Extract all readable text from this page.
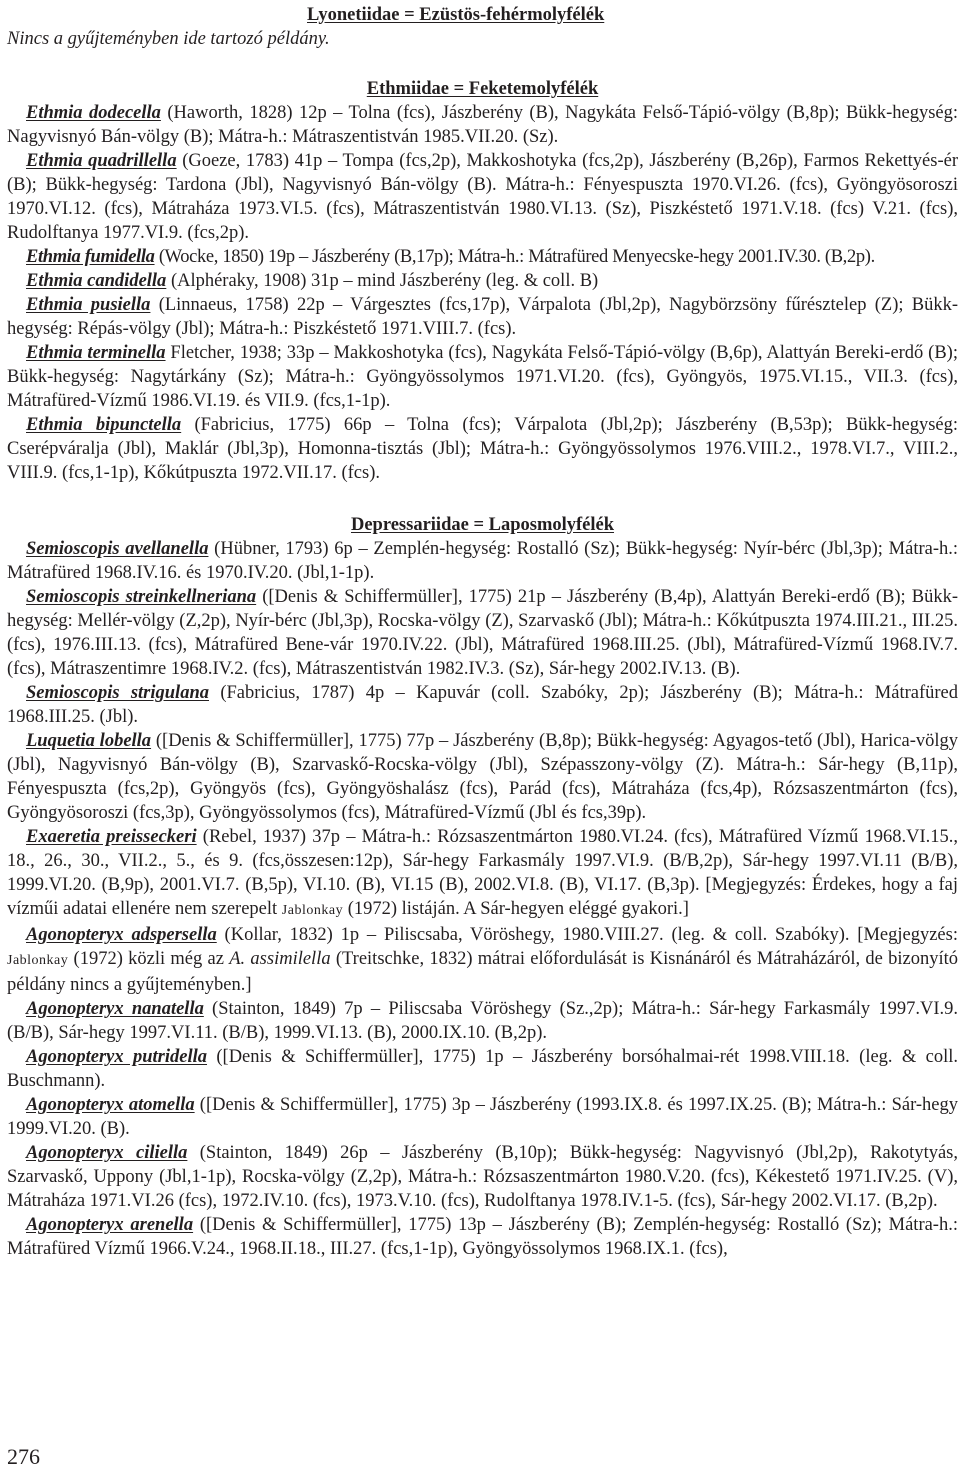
Lyonetiidae = Ezüstös-fehérmolyfélék
Nincs a gyűjteményben ide tartozó példány.
Ethmiidae = Feketemolyfélék

Ethmia dodecella (Haworth, 1828) 12p – Tolna (fcs), Jászberény (B), Nagykáta Felső-Tápió-völgy (B,8p); Bükk-hegység: Nagyvisnyó Bán-völgy (B); Mátra-h.: Mátraszentistván 1985.VII.20. (Sz).

Ethmia quadrillella (Goeze, 1783) 41p – Tompa (fcs,2p), Makkoshotyka (fcs,2p), Jászberény (B,26p), Farmos Rekettyés-ér (B); Bükk-hegység: Tardona (Jbl), Nagyvisnyó Bán-völgy (B). Mátra-h.: Fényespuszta 1970.VI.26. (fcs), Gyöngyösoroszi 1970.VI.12. (fcs), Mátraháza 1973.VI.5. (fcs), Mátraszentistván 1980.VI.13. (Sz), Piszkéstető 1971.V.18. (fcs) V.21. (fcs), Rudolftanya 1977.VI.9. (fcs,2p).

Ethmia fumidella (Wocke, 1850) 19p – Jászberény (B,17p); Mátra-h.: Mátrafüred Menyecske-hegy 2001.IV.30. (B,2p).

Ethmia candidella (Alphéraky, 1908) 31p – mind Jászberény (leg. & coll. B)

Ethmia pusiella (Linnaeus, 1758) 22p – Várgesztes (fcs,17p), Várpalota (Jbl,2p), Nagybörzsöny fűrésztelep (Z); Bükk-hegység: Répás-völgy (Jbl); Mátra-h.: Piszkéstető 1971.VIII.7. (fcs).

Ethmia terminella Fletcher, 1938; 33p – Makkoshotyka (fcs), Nagykáta Felső-Tápió-völgy (B,6p), Alattyán Bereki-erdő (B); Bükk-hegység: Nagytárkány (Sz); Mátra-h.: Gyöngyössolymos 1971.VI.20. (fcs), Gyöngyös, 1975.VI.15., VII.3. (fcs), Mátrafüred-Vízmű 1986.VI.19. és VII.9. (fcs,1-1p).

Ethmia bipunctella (Fabricius, 1775) 66p – Tolna (fcs); Várpalota (Jbl,2p); Jászberény (B,53p); Bükk-hegység: Cserépváralja (Jbl), Maklár (Jbl,3p), Homonna-tisztás (Jbl); Mátra-h.: Gyöngyössolymos 1976.VIII.2., 1978.VI.7., VIII.2., VIII.9. (fcs,1-1p), Kőkútpuszta 1972.VII.17. (fcs).

Depressariidae = Laposmolyfélék

Semioscopis avellanella (Hübner, 1793) 6p – Zemplén-hegység: Rostalló (Sz); Bükk-hegység: Nyír-bérc (Jbl,3p); Mátra-h.: Mátrafüred 1968.IV.16. és 1970.IV.20. (Jbl,1-1p).

Semioscopis streinkellneriana ([Denis & Schiffermüller], 1775) 21p – Jászberény (B,4p), Alattyán Bereki-erdő (B); Bükk-hegység: Mellér-völgy (Z,2p), Nyír-bérc (Jbl,3p), Rocska-völgy (Z), Szarvaskő (Jbl); Mátra-h.: Kőkútpuszta 1974.III.21., III.25. (fcs), 1976.III.13. (fcs), Mátrafüred Bene-vár 1970.IV.22. (Jbl), Mátrafüred 1968.III.25. (Jbl), Mátrafüred-Vízmű 1968.IV.7. (fcs), Mátraszentimre 1968.IV.2. (fcs), Mátraszentistván 1982.IV.3. (Sz), Sár-hegy 2002.IV.13. (B).

Semioscopis strigulana (Fabricius, 1787) 4p – Kapuvár (coll. Szabóky, 2p); Jászberény (B); Mátra-h.: Mátrafüred 1968.III.25. (Jbl).

Luquetia lobella ([Denis & Schiffermüller], 1775) 77p – Jászberény (B,8p); Bükk-hegység: Agyagos-tető (Jbl), Harica-völgy (Jbl), Nagyvisnyó Bán-völgy (B), Szarvaskő-Rocska-völgy (Jbl), Szépasszony-völgy (Z). Mátra-h.: Sár-hegy (B,11p), Fényespuszta (fcs,2p), Gyöngyös (fcs), Gyöngyöshalász (fcs), Parád (fcs), Mátraháza (fcs,4p), Rózsaszentmárton (fcs), Gyöngyösoroszi (fcs,3p), Gyöngyössolymos (fcs), Mátrafüred-Vízmű (Jbl és fcs,39p).

Exaeretia preisseckeri (Rebel, 1937) 37p – Mátra-h.: Rózsaszentmárton 1980.VI.24. (fcs), Mátrafüred Vízmű 1968.VI.15., 18., 26., 30., VII.2., 5., és 9. (fcs,összesen:12p), Sár-hegy Farkasmály 1997.VI.9. (B/B,2p), Sár-hegy 1997.VI.11 (B/B), 1999.VI.20. (B,9p), 2001.VI.7. (B,5p), VI.10. (B), VI.15 (B), 2002.VI.8. (B), VI.17. (B,3p). [Megjegyzés: Érdekes, hogy a faj vízműi adatai ellenére nem szerepelt Jablonkay (1972) listáján. A Sár-hegyen eléggé gyakori.]

Agonopteryx adspersella (Kollar, 1832) 1p – Piliscsaba, Vöröshegy, 1980.VIII.27. (leg. & coll. Szabóky). [Megjegyzés: Jablonkay (1972) közli még az A. assimilella (Treitschke, 1832) mátrai előfordulását is Kisnánáról és Mátraházáról, de bizonyító példány nincs a gyűjteményben.]

Agonopteryx nanatella (Stainton, 1849) 7p – Piliscsaba Vöröshegy (Sz.,2p); Mátra-h.: Sár-hegy Farkasmály 1997.VI.9. (B/B), Sár-hegy 1997.VI.11. (B/B), 1999.VI.13. (B), 2000.IX.10. (B,2p).

Agonopteryx putridella ([Denis & Schiffermüller], 1775) 1p – Jászberény borsóhalmai-rét 1998.VIII.18. (leg. & coll. Buschmann).

Agonopteryx atomella ([Denis & Schiffermüller], 1775) 3p – Jászberény (1993.IX.8. és 1997.IX.25. (B); Mátra-h.: Sár-hegy 1999.VI.20. (B).

Agonopteryx ciliella (Stainton, 1849) 26p – Jászberény (B,10p); Bükk-hegység: Nagyvisnyó (Jbl,2p), Rakotytyás, Szarvaskő, Uppony (Jbl,1-1p), Rocska-völgy (Z,2p), Mátra-h.: Rózsaszentmárton 1980.V.20. (fcs), Kékestető 1971.IV.25. (V), Mátraháza 1971.VI.26 (fcs), 1972.IV.10. (fcs), 1973.V.10. (fcs), Rudolftanya 1978.IV.1-5. (fcs), Sár-hegy 2002.VI.17. (B,2p).

Agonopteryx arenella ([Denis & Schiffermüller], 1775) 13p – Jászberény (B); Zemplén-hegység: Rostalló (Sz); Mátra-h.: Mátrafüred Vízmű 1966.V.24., 1968.II.18., III.27. (fcs,1-1p), Gyöngyössolymos 1968.IX.1. (fcs),

276
